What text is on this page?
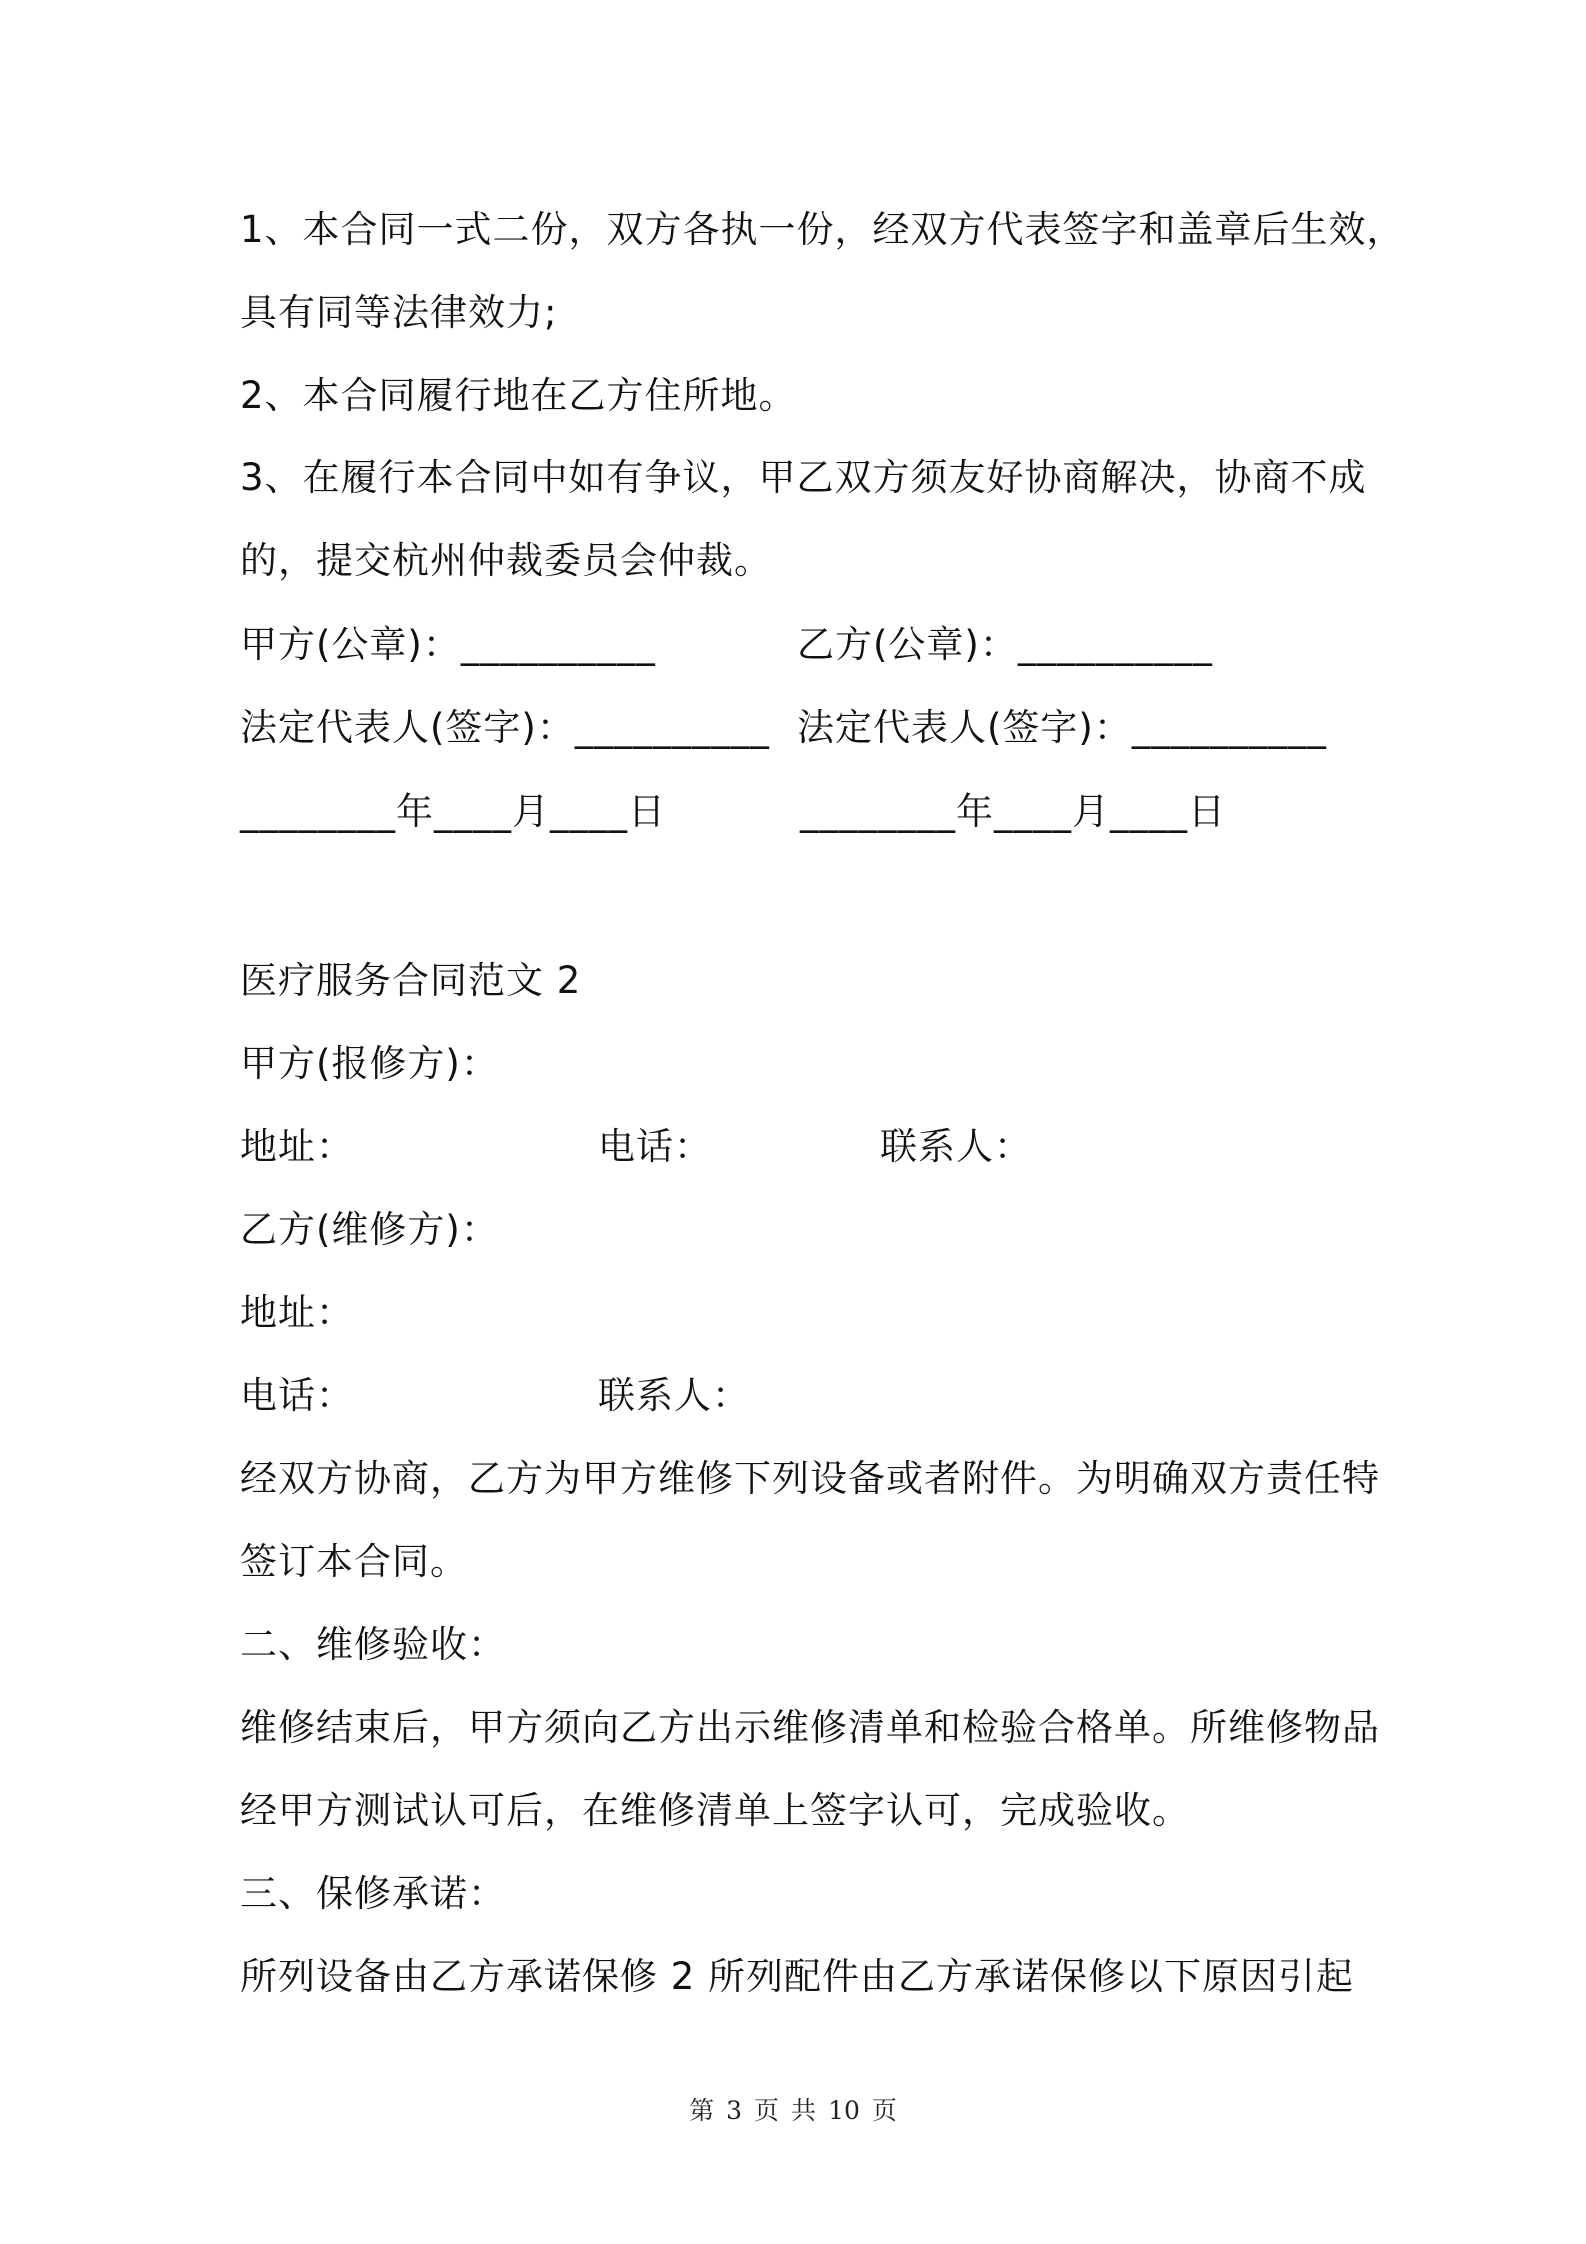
1、本合同一式二份，双方各执一份，经双方代表签字和盖章后生效，
具有同等法律效力;
2、本合同履行地在乙方住所地。
3、在履行本合同中如有争议，甲乙双方须友好协商解决，协商不成
的，提交杭州仲裁委员会仲裁。
甲方(公章)：__________	乙方(公章)：__________
法定代表人(签字)：__________ 法定代表人(签字)：__________
________年____月____日	________年____月____日
医疗服务合同范文 2
甲方(报修方)：
地址：	电话：	联系人：
乙方(维修方)：
地址：
电话：	联系人：
经双方协商，乙方为甲方维修下列设备或者附件。为明确双方责任特
签订本合同。
二、维修验收：
维修结束后，甲方须向乙方出示维修清单和检验合格单。所维修物品
经甲方测试认可后，在维修清单上签字认可，完成验收。
三、保修承诺：
所列设备由乙方承诺保修 2 所列配件由乙方承诺保修以下原因引起
第 3 页 共 10 页
